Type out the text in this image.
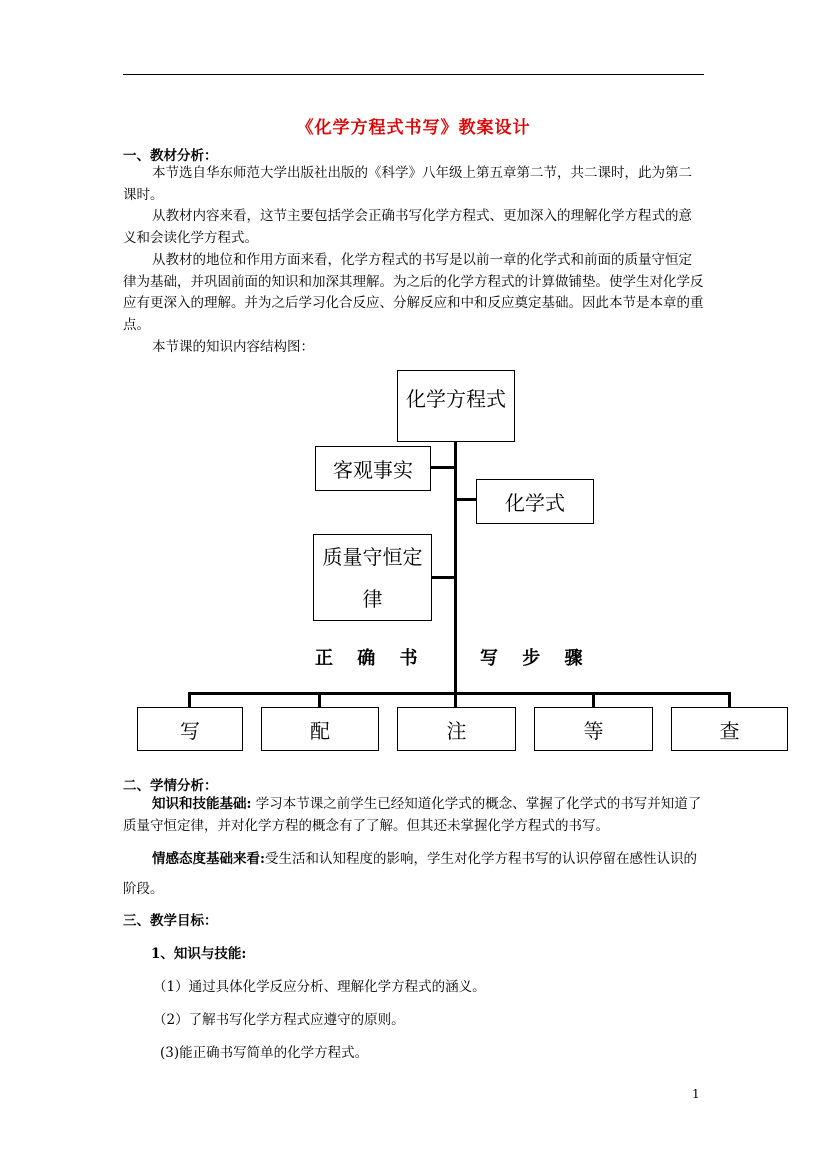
《化学方程式书写》教案设计
一、教材分析：
本节选自华东师范大学出版社出版的《科学》八年级上第五章第二节，共二课时，此为第二课时。
从教材内容来看，这节主要包括学会正确书写化学方程式、更加深入的理解化学方程式的意义和会读化学方程式。
从教材的地位和作用方面来看，化学方程式的书写是以前一章的化学式和前面的质量守恒定律为基础，并巩固前面的知识和加深其理解。为之后的化学方程式的计算做铺垫。使学生对化学反应有更深入的理解。并为之后学习化合反应、分解反应和中和反应奠定基础。因此本节是本章的重点。
本节课的知识内容结构图：
化学方程式
客观事实
化学式
质量守恒定律
正 确 书	写 步 骤
写	配	注	等	查
二、学情分析：
知识和技能基础: 学习本节课之前学生已经知道化学式的概念、掌握了化学式的书写并知道了质量守恒定律，并对化学方程的概念有了了解。但其还未掌握化学方程式的书写。
情感态度基础来看:受生活和认知程度的影响，学生对化学方程书写的认识停留在感性认识的阶段。
三、教学目标：
1、知识与技能:
（1）通过具体化学反应分析、理解化学方程式的涵义。
（2）了解书写化学方程式应遵守的原则。
(3)能正确书写简单的化学方程式。
1
